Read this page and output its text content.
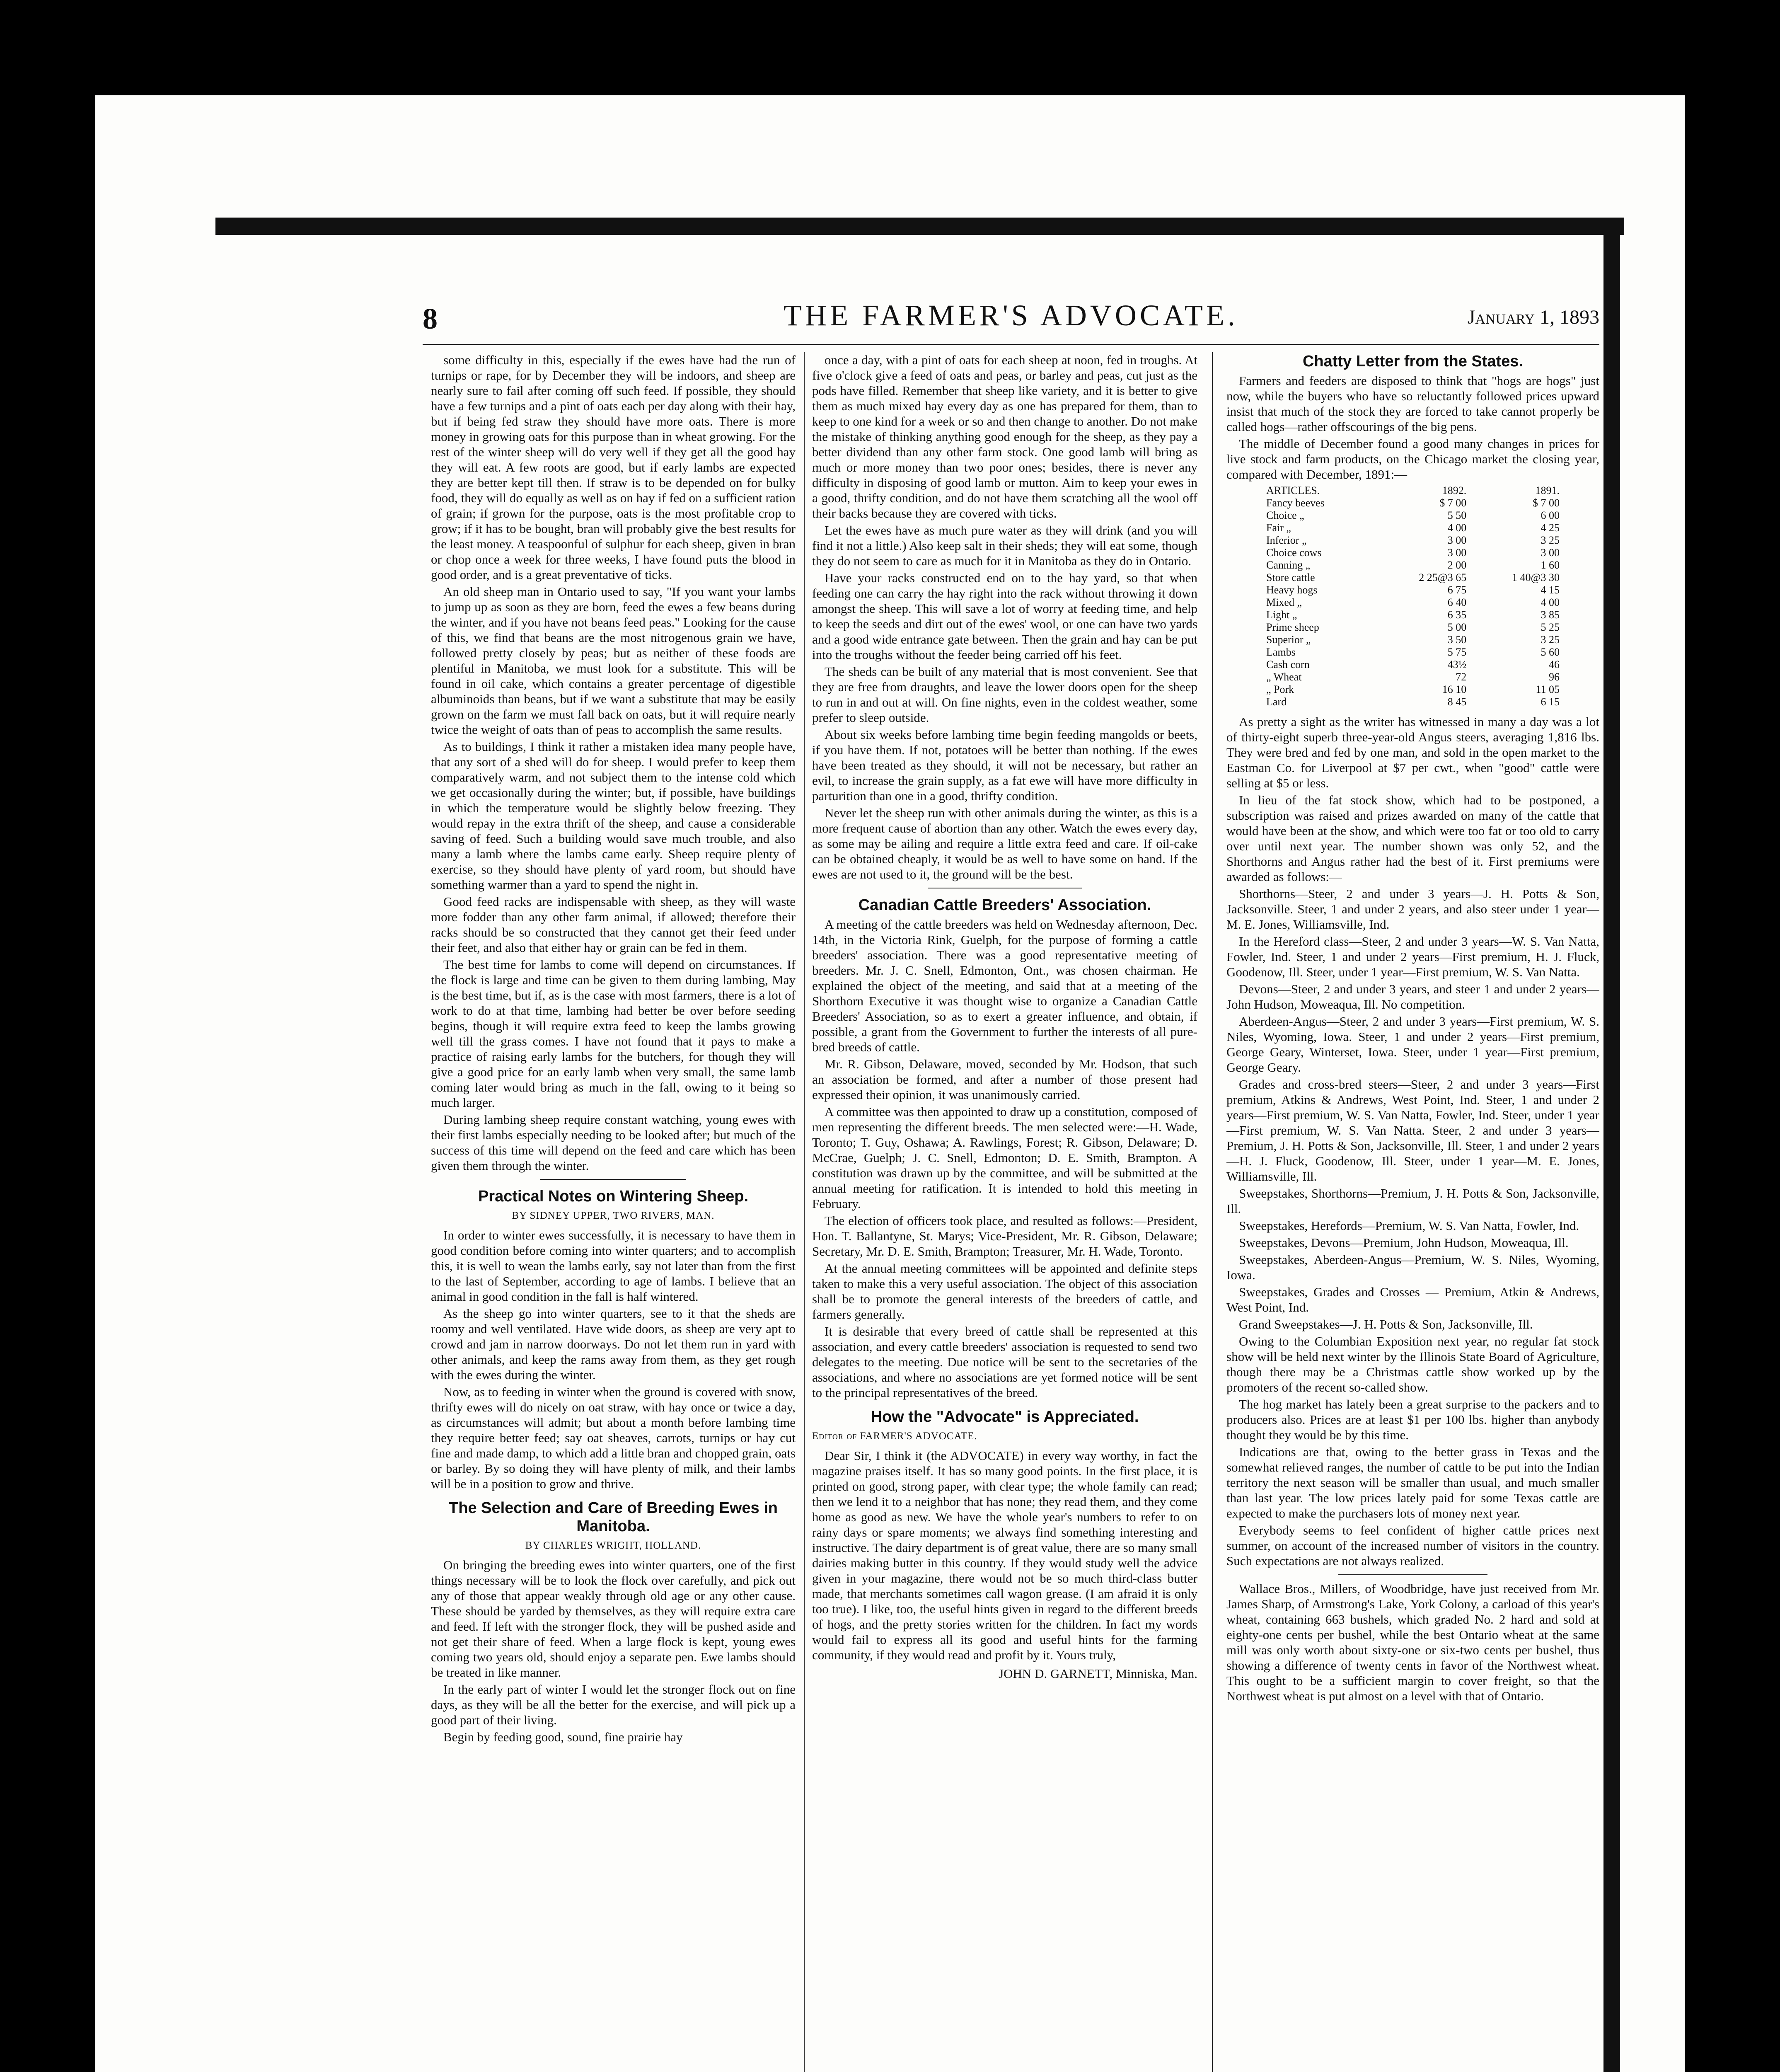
8	THE FARMER'S ADVOCATE.	January 1, 1893

some difficulty in this, especially if the ewes have had the run of turnips or rape, for by December they will be indoors, and sheep are nearly sure to fail after coming off such feed. If possible, they should have a few turnips and a pint of oats each per day along with their hay, but if being fed straw they should have more oats. There is more money in growing oats for this purpose than in wheat growing. For the rest of the winter sheep will do very well if they get all the good hay they will eat. A few roots are good, but if early lambs are expected they are better kept till then. If straw is to be depended on for bulky food, they will do equally as well as on hay if fed on a sufficient ration of grain; if grown for the purpose, oats is the most profitable crop to grow; if it has to be bought, bran will probably give the best results for the least money. A teaspoonful of sulphur for each sheep, given in bran or chop once a week for three weeks, I have found puts the blood in good order, and is a great preventative of ticks.

An old sheep man in Ontario used to say, "If you want your lambs to jump up as soon as they are born, feed the ewes a few beans during the winter, and if you have not beans feed peas." Looking for the cause of this, we find that beans are the most nitrogenous grain we have, followed pretty closely by peas; but as neither of these foods are plentiful in Manitoba, we must look for a substitute. This will be found in oil cake, which contains a greater percentage of digestible albuminoids than beans, but if we want a substitute that may be easily grown on the farm we must fall back on oats, but it will require nearly twice the weight of oats than of peas to accomplish the same results.

As to buildings, I think it rather a mistaken idea many people have, that any sort of a shed will do for sheep. I would prefer to keep them comparatively warm, and not subject them to the intense cold which we get occasionally during the winter; but, if possible, have buildings in which the temperature would be slightly below freezing. They would repay in the extra thrift of the sheep, and cause a considerable saving of feed. Such a building would save much trouble, and also many a lamb where the lambs came early. Sheep require plenty of exercise, so they should have plenty of yard room, but should have something warmer than a yard to spend the night in.

Good feed racks are indispensable with sheep, as they will waste more fodder than any other farm animal, if allowed; therefore their racks should be so constructed that they cannot get their feed under their feet, and also that either hay or grain can be fed in them.

The best time for lambs to come will depend on circumstances. If the flock is large and time can be given to them during lambing, May is the best time, but if, as is the case with most farmers, there is a lot of work to do at that time, lambing had better be over before seeding begins, though it will require extra feed to keep the lambs growing well till the grass comes. I have not found that it pays to make a practice of raising early lambs for the butchers, for though they will give a good price for an early lamb when very small, the same lamb coming later would bring as much in the fall, owing to it being so much larger.

During lambing sheep require constant watching, young ewes with their first lambs especially needing to be looked after; but much of the success of this time will depend on the feed and care which has been given them through the winter.

Practical Notes on Wintering Sheep.
BY SIDNEY UPPER, TWO RIVERS, MAN.

In order to winter ewes successfully, it is necessary to have them in good condition before coming into winter quarters; and to accomplish this, it is well to wean the lambs early, say not later than from the first to the last of September, according to age of lambs. I believe that an animal in good condition in the fall is half wintered.

As the sheep go into winter quarters, see to it that the sheds are roomy and well ventilated. Have wide doors, as sheep are very apt to crowd and jam in narrow doorways. Do not let them run in yard with other animals, and keep the rams away from them, as they get rough with the ewes during the winter.

Now, as to feeding in winter when the ground is covered with snow, thrifty ewes will do nicely on oat straw, with hay once or twice a day, as circumstances will admit; but about a month before lambing time they require better feed; say oat sheaves, carrots, turnips or hay cut fine and made damp, to which add a little bran and chopped grain, oats or barley. By so doing they will have plenty of milk, and their lambs will be in a position to grow and thrive.

The Selection and Care of Breeding Ewes in Manitoba.
BY CHARLES WRIGHT, HOLLAND.

On bringing the breeding ewes into winter quarters, one of the first things necessary will be to look the flock over carefully, and pick out any of those that appear weakly through old age or any other cause. These should be yarded by themselves, as they will require extra care and feed. If left with the stronger flock, they will be pushed aside and not get their share of feed. When a large flock is kept, young ewes coming two years old, should enjoy a separate pen. Ewe lambs should be treated in like manner.

In the early part of winter I would let the stronger flock out on fine days, as they will be all the better for the exercise, and will pick up a good part of their living.

Begin by feeding good, sound, fine prairie hay

once a day, with a pint of oats for each sheep at noon, fed in troughs. At five o'clock give a feed of oats and peas, or barley and peas, cut just as the pods have filled. Remember that sheep like variety, and it is better to give them as much mixed hay every day as one has prepared for them, than to keep to one kind for a week or so and then change to another. Do not make the mistake of thinking anything good enough for the sheep, as they pay a better dividend than any other farm stock. One good lamb will bring as much or more money than two poor ones; besides, there is never any difficulty in disposing of good lamb or mutton. Aim to keep your ewes in a good, thrifty condition, and do not have them scratching all the wool off their backs because they are covered with ticks.

Let the ewes have as much pure water as they will drink (and you will find it not a little.) Also keep salt in their sheds; they will eat some, though they do not seem to care as much for it in Manitoba as they do in Ontario.

Have your racks constructed end on to the hay yard, so that when feeding one can carry the hay right into the rack without throwing it down amongst the sheep. This will save a lot of worry at feeding time, and help to keep the seeds and dirt out of the ewes' wool, or one can have two yards and a good wide entrance gate between. Then the grain and hay can be put into the troughs without the feeder being carried off his feet.

The sheds can be built of any material that is most convenient. See that they are free from draughts, and leave the lower doors open for the sheep to run in and out at will. On fine nights, even in the coldest weather, some prefer to sleep outside.

About six weeks before lambing time begin feeding mangolds or beets, if you have them. If not, potatoes will be better than nothing. If the ewes have been treated as they should, it will not be necessary, but rather an evil, to increase the grain supply, as a fat ewe will have more difficulty in parturition than one in a good, thrifty condition.

Never let the sheep run with other animals during the winter, as this is a more frequent cause of abortion than any other. Watch the ewes every day, as some may be ailing and require a little extra feed and care. If oil-cake can be obtained cheaply, it would be as well to have some on hand. If the ewes are not used to it, the ground will be the best.

Canadian Cattle Breeders' Association.

A meeting of the cattle breeders was held on Wednesday afternoon, Dec. 14th, in the Victoria Rink, Guelph, for the purpose of forming a cattle breeders' association. There was a good representative meeting of breeders. Mr. J. C. Snell, Edmonton, Ont., was chosen chairman. He explained the object of the meeting, and said that at a meeting of the Shorthorn Executive it was thought wise to organize a Canadian Cattle Breeders' Association, so as to exert a greater influence, and obtain, if possible, a grant from the Government to further the interests of all pure-bred breeds of cattle.

Mr. R. Gibson, Delaware, moved, seconded by Mr. Hodson, that such an association be formed, and after a number of those present had expressed their opinion, it was unanimously carried.

A committee was then appointed to draw up a constitution, composed of men representing the different breeds. The men selected were:—H. Wade, Toronto; T. Guy, Oshawa; A. Rawlings, Forest; R. Gibson, Delaware; D. McCrae, Guelph; J. C. Snell, Edmonton; D. E. Smith, Brampton. A constitution was drawn up by the committee, and will be submitted at the annual meeting for ratification. It is intended to hold this meeting in February.

The election of officers took place, and resulted as follows:—President, Hon. T. Ballantyne, St. Marys; Vice-President, Mr. R. Gibson, Delaware; Secretary, Mr. D. E. Smith, Brampton; Treasurer, Mr. H. Wade, Toronto.

At the annual meeting committees will be appointed and definite steps taken to make this a very useful association. The object of this association shall be to promote the general interests of the breeders of cattle, and farmers generally.

It is desirable that every breed of cattle shall be represented at this association, and every cattle breeders' association is requested to send two delegates to the meeting. Due notice will be sent to the secretaries of the associations, and where no associations are yet formed notice will be sent to the principal representatives of the breed.

How the "Advocate" is Appreciated.
Editor of FARMER'S ADVOCATE.

Dear Sir, I think it (the ADVOCATE) in every way worthy, in fact the magazine praises itself. It has so many good points. In the first place, it is printed on good, strong paper, with clear type; the whole family can read; then we lend it to a neighbor that has none; they read them, and they come home as good as new. We have the whole year's numbers to refer to on rainy days or spare moments; we always find something interesting and instructive. The dairy department is of great value, there are so many small dairies making butter in this country. If they would study well the advice given in your magazine, there would not be so much third-class butter made, that merchants sometimes call wagon grease. (I am afraid it is only too true). I like, too, the useful hints given in regard to the different breeds of hogs, and the pretty stories written for the children. In fact my words would fail to express all its good and useful hints for the farming community, if they would read and profit by it. Yours truly,

JOHN D. GARNETT, Minniska, Man.
Chatty Letter from the States.

Farmers and feeders are disposed to think that "hogs are hogs" just now, while the buyers who have so reluctantly followed prices upward insist that much of the stock they are forced to take cannot properly be called hogs—rather offscourings of the big pens.

The middle of December found a good many changes in prices for live stock and farm products, on the Chicago market the closing year, compared with December, 1891:—

ARTICLES.	1892.	1891.
Fancy beeves	$ 7 00	$ 7 00
Choice „	5 50	6 00
Fair „	4 00	4 25
Inferior „	3 00	3 25
Choice cows	3 00	3 00
Canning „	2 00	1 60
Store cattle	2 25@3 65	1 40@3 30
Heavy hogs	6 75	4 15
Mixed „	6 40	4 00
Light „	6 35	3 85
Prime sheep	5 00	5 25
Superior „	3 50	3 25
Lambs	5 75	5 60
Cash corn	43½	46
„ Wheat	72	96
„ Pork	16 10	11 05
Lard	8 45	6 15

As pretty a sight as the writer has witnessed in many a day was a lot of thirty-eight superb three-year-old Angus steers, averaging 1,816 lbs. They were bred and fed by one man, and sold in the open market to the Eastman Co. for Liverpool at $7 per cwt., when "good" cattle were selling at $5 or less.

In lieu of the fat stock show, which had to be postponed, a subscription was raised and prizes awarded on many of the cattle that would have been at the show, and which were too fat or too old to carry over until next year. The number shown was only 52, and the Shorthorns and Angus rather had the best of it. First premiums were awarded as follows:—

Shorthorns—Steer, 2 and under 3 years—J. H. Potts & Son, Jacksonville. Steer, 1 and under 2 years, and also steer under 1 year—M. E. Jones, Williamsville, Ind.

In the Hereford class—Steer, 2 and under 3 years—W. S. Van Natta, Fowler, Ind. Steer, 1 and under 2 years—First premium, H. J. Fluck, Goodenow, Ill. Steer, under 1 year—First premium, W. S. Van Natta.

Devons—Steer, 2 and under 3 years, and steer 1 and under 2 years—John Hudson, Moweaqua, Ill. No competition.

Aberdeen-Angus—Steer, 2 and under 3 years—First premium, W. S. Niles, Wyoming, Iowa. Steer, 1 and under 2 years—First premium, George Geary, Winterset, Iowa. Steer, under 1 year—First premium, George Geary.

Grades and cross-bred steers—Steer, 2 and under 3 years—First premium, Atkins & Andrews, West Point, Ind. Steer, 1 and under 2 years—First premium, W. S. Van Natta, Fowler, Ind. Steer, under 1 year—First premium, W. S. Van Natta. Steer, 2 and under 3 years—Premium, J. H. Potts & Son, Jacksonville, Ill. Steer, 1 and under 2 years—H. J. Fluck, Goodenow, Ill. Steer, under 1 year—M. E. Jones, Williamsville, Ill.

Sweepstakes, Shorthorns—Premium, J. H. Potts & Son, Jacksonville, Ill.

Sweepstakes, Herefords—Premium, W. S. Van Natta, Fowler, Ind.

Sweepstakes, Devons—Premium, John Hudson, Moweaqua, Ill.

Sweepstakes, Aberdeen-Angus—Premium, W. S. Niles, Wyoming, Iowa.

Sweepstakes, Grades and Crosses — Premium, Atkin & Andrews, West Point, Ind.

Grand Sweepstakes—J. H. Potts & Son, Jacksonville, Ill.

Owing to the Columbian Exposition next year, no regular fat stock show will be held next winter by the Illinois State Board of Agriculture, though there may be a Christmas cattle show worked up by the promoters of the recent so-called show.

The hog market has lately been a great surprise to the packers and to producers also. Prices are at least $1 per 100 lbs. higher than anybody thought they would be by this time.

Indications are that, owing to the better grass in Texas and the somewhat relieved ranges, the number of cattle to be put into the Indian territory the next season will be smaller than usual, and much smaller than last year. The low prices lately paid for some Texas cattle are expected to make the purchasers lots of money next year.

Everybody seems to feel confident of higher cattle prices next summer, on account of the increased number of visitors in the country. Such expectations are not always realized.

Wallace Bros., Millers, of Woodbridge, have just received from Mr. James Sharp, of Armstrong's Lake, York Colony, a carload of this year's wheat, containing 663 bushels, which graded No. 2 hard and sold at eighty-one cents per bushel, while the best Ontario wheat at the same mill was only worth about sixty-one or six-two cents per bushel, thus showing a difference of twenty cents in favor of the Northwest wheat. This ought to be a sufficient margin to cover freight, so that the Northwest wheat is put almost on a level with that of Ontario.
